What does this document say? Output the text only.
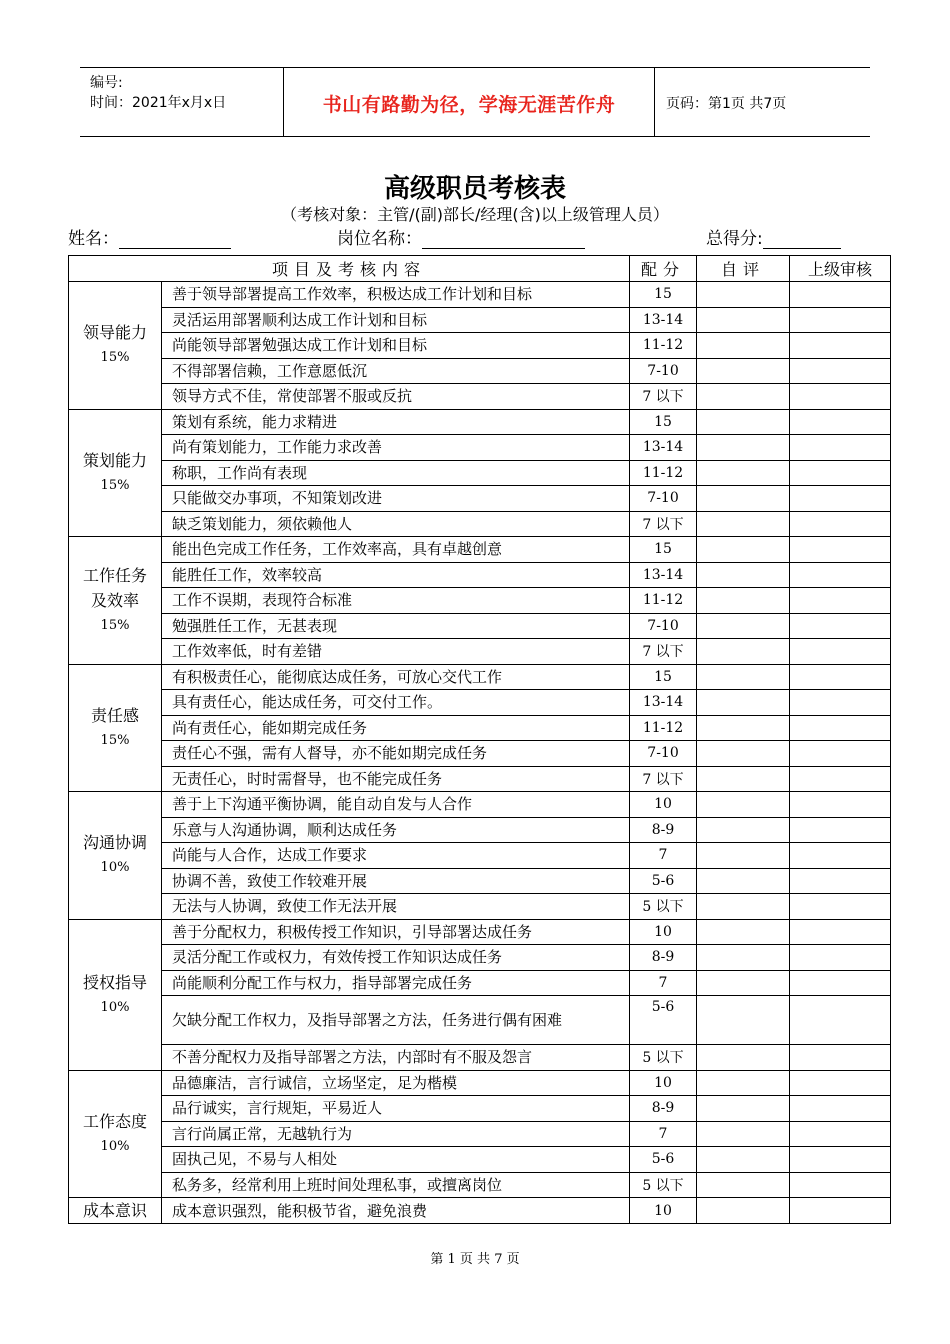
编号:
时间：2021年x月x日	书山有路勤为径，学海无涯苦作舟	页码：第1页 共7页
高级职员考核表
（考核对象：主管/(副)部长/经理(含)以上级管理人员）
姓名：	岗位名称：	总得分:
项目及考核内容		配分	自评	上级审核

领导能力
15%	善于领导部署提高工作效率，积极达成工作计划和目标	15		
	灵活运用部署顺利达成工作计划和目标	13-14		
	尚能领导部署勉强达成工作计划和目标	11-12		
	不得部署信赖，工作意愿低沉	7-10		
	领导方式不佳，常使部署不服或反抗	7 以下		

策划能力
15%	策划有系统，能力求精进	15		
	尚有策划能力，工作能力求改善	13-14		
	称职，工作尚有表现	11-12		
	只能做交办事项，不知策划改进	7-10		
	缺乏策划能力，须依赖他人	7 以下		

工作任务
及效率
15%	能出色完成工作任务，工作效率高，具有卓越创意	15		
	能胜任工作，效率较高	13-14		
	工作不误期，表现符合标准	11-12		
	勉强胜任工作，无甚表现	7-10		
	工作效率低，时有差错	7 以下		

责任感
15%	有积极责任心，能彻底达成任务，可放心交代工作	15		
	具有责任心，能达成任务，可交付工作。	13-14		
	尚有责任心，能如期完成任务	11-12		
	责任心不强，需有人督导，亦不能如期完成任务	7-10		
	无责任心，时时需督导，也不能完成任务	7 以下		

沟通协调
10%	善于上下沟通平衡协调，能自动自发与人合作	10		
	乐意与人沟通协调，顺利达成任务	8-9		
	尚能与人合作，达成工作要求	7		
	协调不善，致使工作较难开展	5-6		
	无法与人协调，致使工作无法开展	5 以下		

授权指导
10%	善于分配权力，积极传授工作知识，引导部署达成任务	10		
	灵活分配工作或权力，有效传授工作知识达成任务	8-9		
	尚能顺利分配工作与权力，指导部署完成任务	7		
	欠缺分配工作权力，及指导部署之方法，任务进行偶有困难	5-6		
	不善分配权力及指导部署之方法，内部时有不服及怨言	5 以下		

工作态度
10%	品德廉洁，言行诚信，立场坚定，足为楷模	10		
	品行诚实，言行规矩，平易近人	8-9		
	言行尚属正常，无越轨行为	7		
	固执己见，不易与人相处	5-6		
	私务多，经常利用上班时间处理私事，或擅离岗位	5 以下		

成本意识	成本意识强烈，能积极节省，避免浪费	10		
第 1 页 共 7 页
